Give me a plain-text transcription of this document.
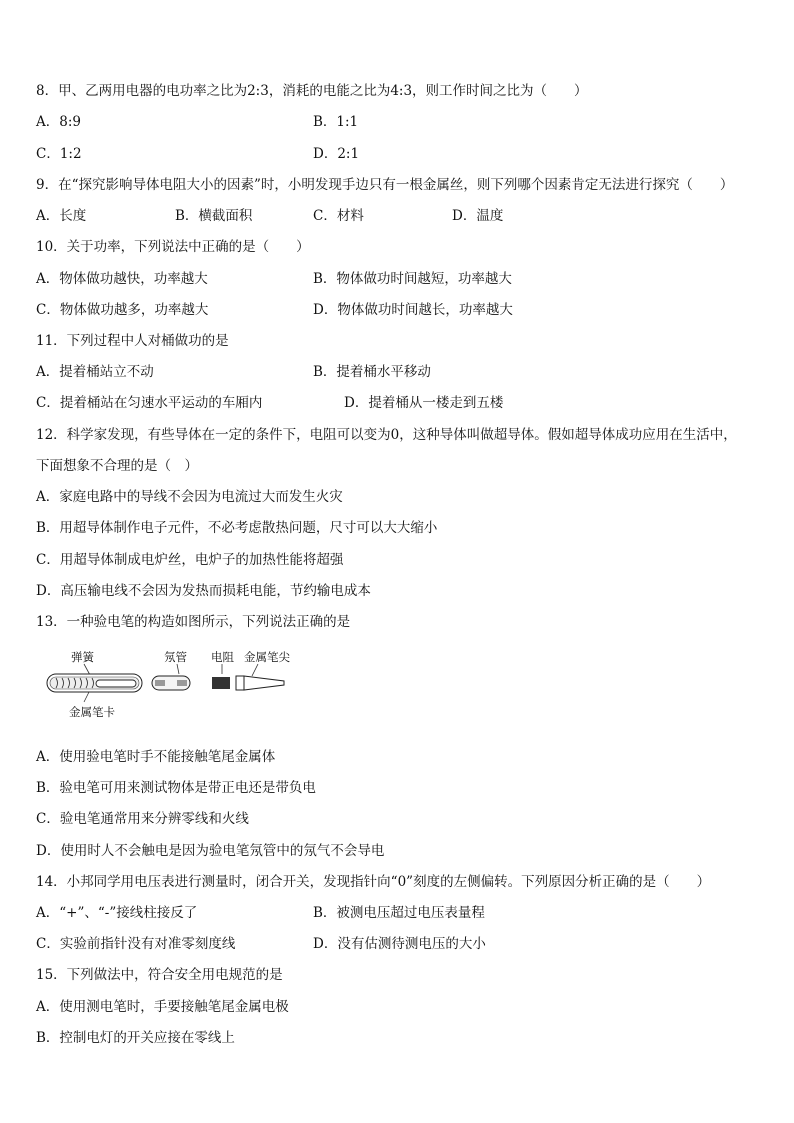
8．甲、乙两用电器的电功率之比为2:3，消耗的电能之比为4:3，则工作时间之比为（　　）
A．8:9	B．1:1
C．1:2	D．2:1
9．在“探究影响导体电阻大小的因素”时，小明发现手边只有一根金属丝，则下列哪个因素肯定无法进行探究（　　）
A．长度	B．横截面积	C．材料	D．温度
10．关于功率，下列说法中正确的是（　　）
A．物体做功越快，功率越大	B．物体做功时间越短，功率越大
C．物体做功越多，功率越大	D．物体做功时间越长，功率越大
11．下列过程中人对桶做功的是
A．提着桶站立不动	B．提着桶水平移动
C．提着桶站在匀速水平运动的车厢内	D．提着桶从一楼走到五楼
12．科学家发现，有些导体在一定的条件下，电阻可以变为0，这种导体叫做超导体。假如超导体成功应用在生活中，
下面想象不合理的是（　）
A．家庭电路中的导线不会因为电流过大而发生火灾
B．用超导体制作电子元件，不必考虑散热问题，尺寸可以大大缩小
C．用超导体制成电炉丝，电炉子的加热性能将超强
D．高压输电线不会因为发热而损耗电能，节约输电成本
13．一种验电笔的构造如图所示，下列说法正确的是
弹簧	氖管 电阻 金属笔尖
金属笔卡
A．使用验电笔时手不能接触笔尾金属体
B．验电笔可用来测试物体是带正电还是带负电
C．验电笔通常用来分辨零线和火线
D．使用时人不会触电是因为验电笔氖管中的氖气不会导电
14．小邦同学用电压表进行测量时，闭合开关，发现指针向“0”刻度的左侧偏转。下列原因分析正确的是（　　）
A．“+”、“-”接线柱接反了	B．被测电压超过电压表量程
C．实验前指针没有对准零刻度线	D．没有估测待测电压的大小
15．下列做法中，符合安全用电规范的是
A．使用测电笔时，手要接触笔尾金属电极
B．控制电灯的开关应接在零线上
